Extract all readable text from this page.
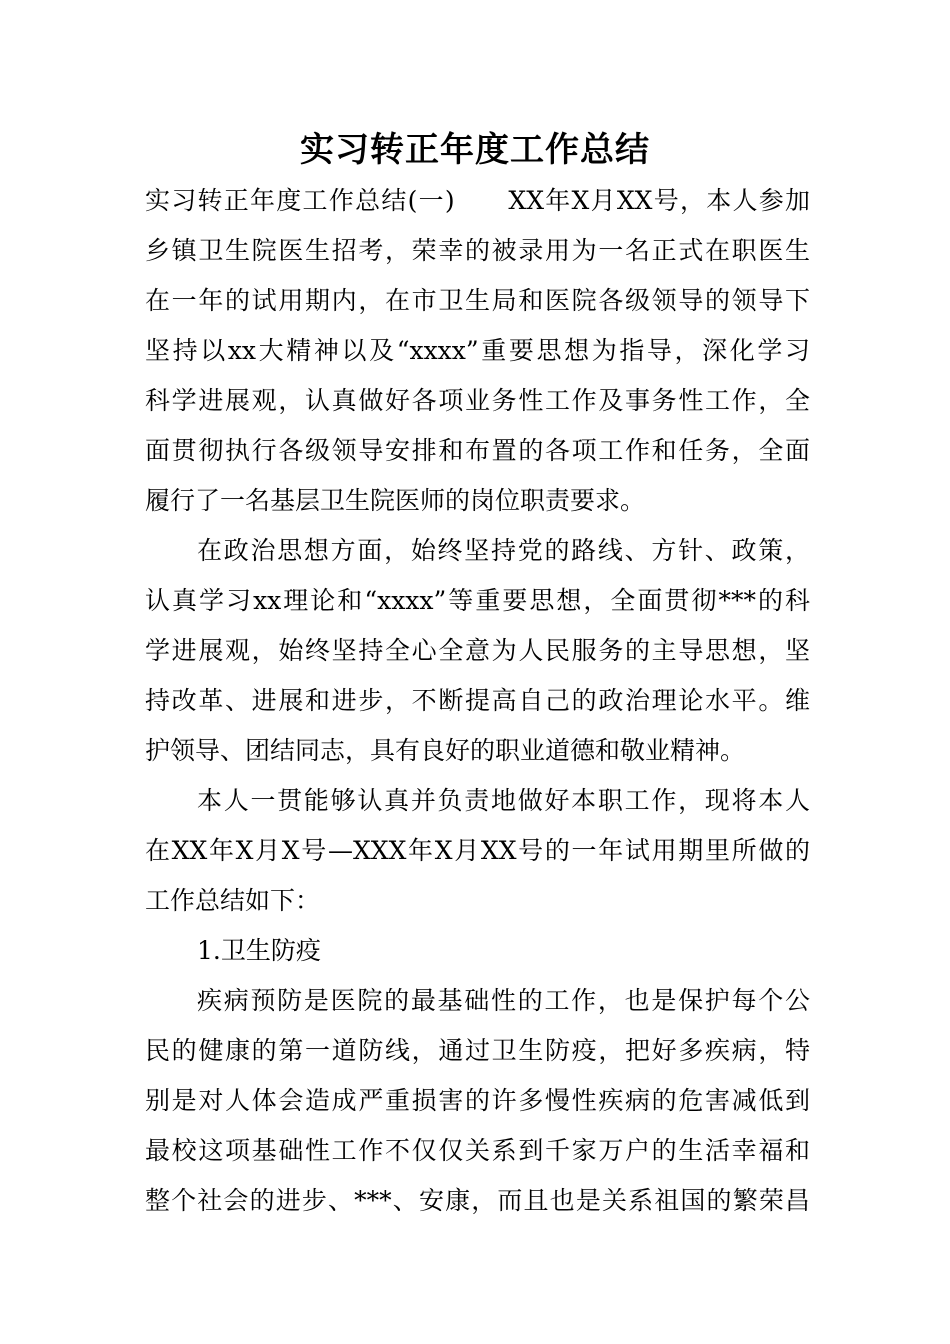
实习转正年度工作总结
实习转正年度工作总结(一)　　XX年X月XX号，本人参加
乡镇卫生院医生招考，荣幸的被录用为一名正式在职医生
在一年的试用期内，在市卫生局和医院各级领导的领导下
坚持以xx大精神以及“xxxx”重要思想为指导，深化学习
科学进展观，认真做好各项业务性工作及事务性工作，全
面贯彻执行各级领导安排和布置的各项工作和任务，全面
履行了一名基层卫生院医师的岗位职责要求。
在政治思想方面，始终坚持党的路线、方针、政策，
认真学习xx理论和“xxxx”等重要思想，全面贯彻***的科
学进展观，始终坚持全心全意为人民服务的主导思想，坚
持改革、进展和进步，不断提高自己的政治理论水平。维
护领导、团结同志，具有良好的职业道德和敬业精神。
本人一贯能够认真并负责地做好本职工作，现将本人
在XX年X月X号—XXX年X月XX号的一年试用期里所做的
工作总结如下：
1.卫生防疫
疾病预防是医院的最基础性的工作，也是保护每个公
民的健康的第一道防线，通过卫生防疫，把好多疾病，特
别是对人体会造成严重损害的许多慢性疾病的危害减低到
最校这项基础性工作不仅仅关系到千家万户的生活幸福和
整个社会的进步、***、安康，而且也是关系祖国的繁荣昌
